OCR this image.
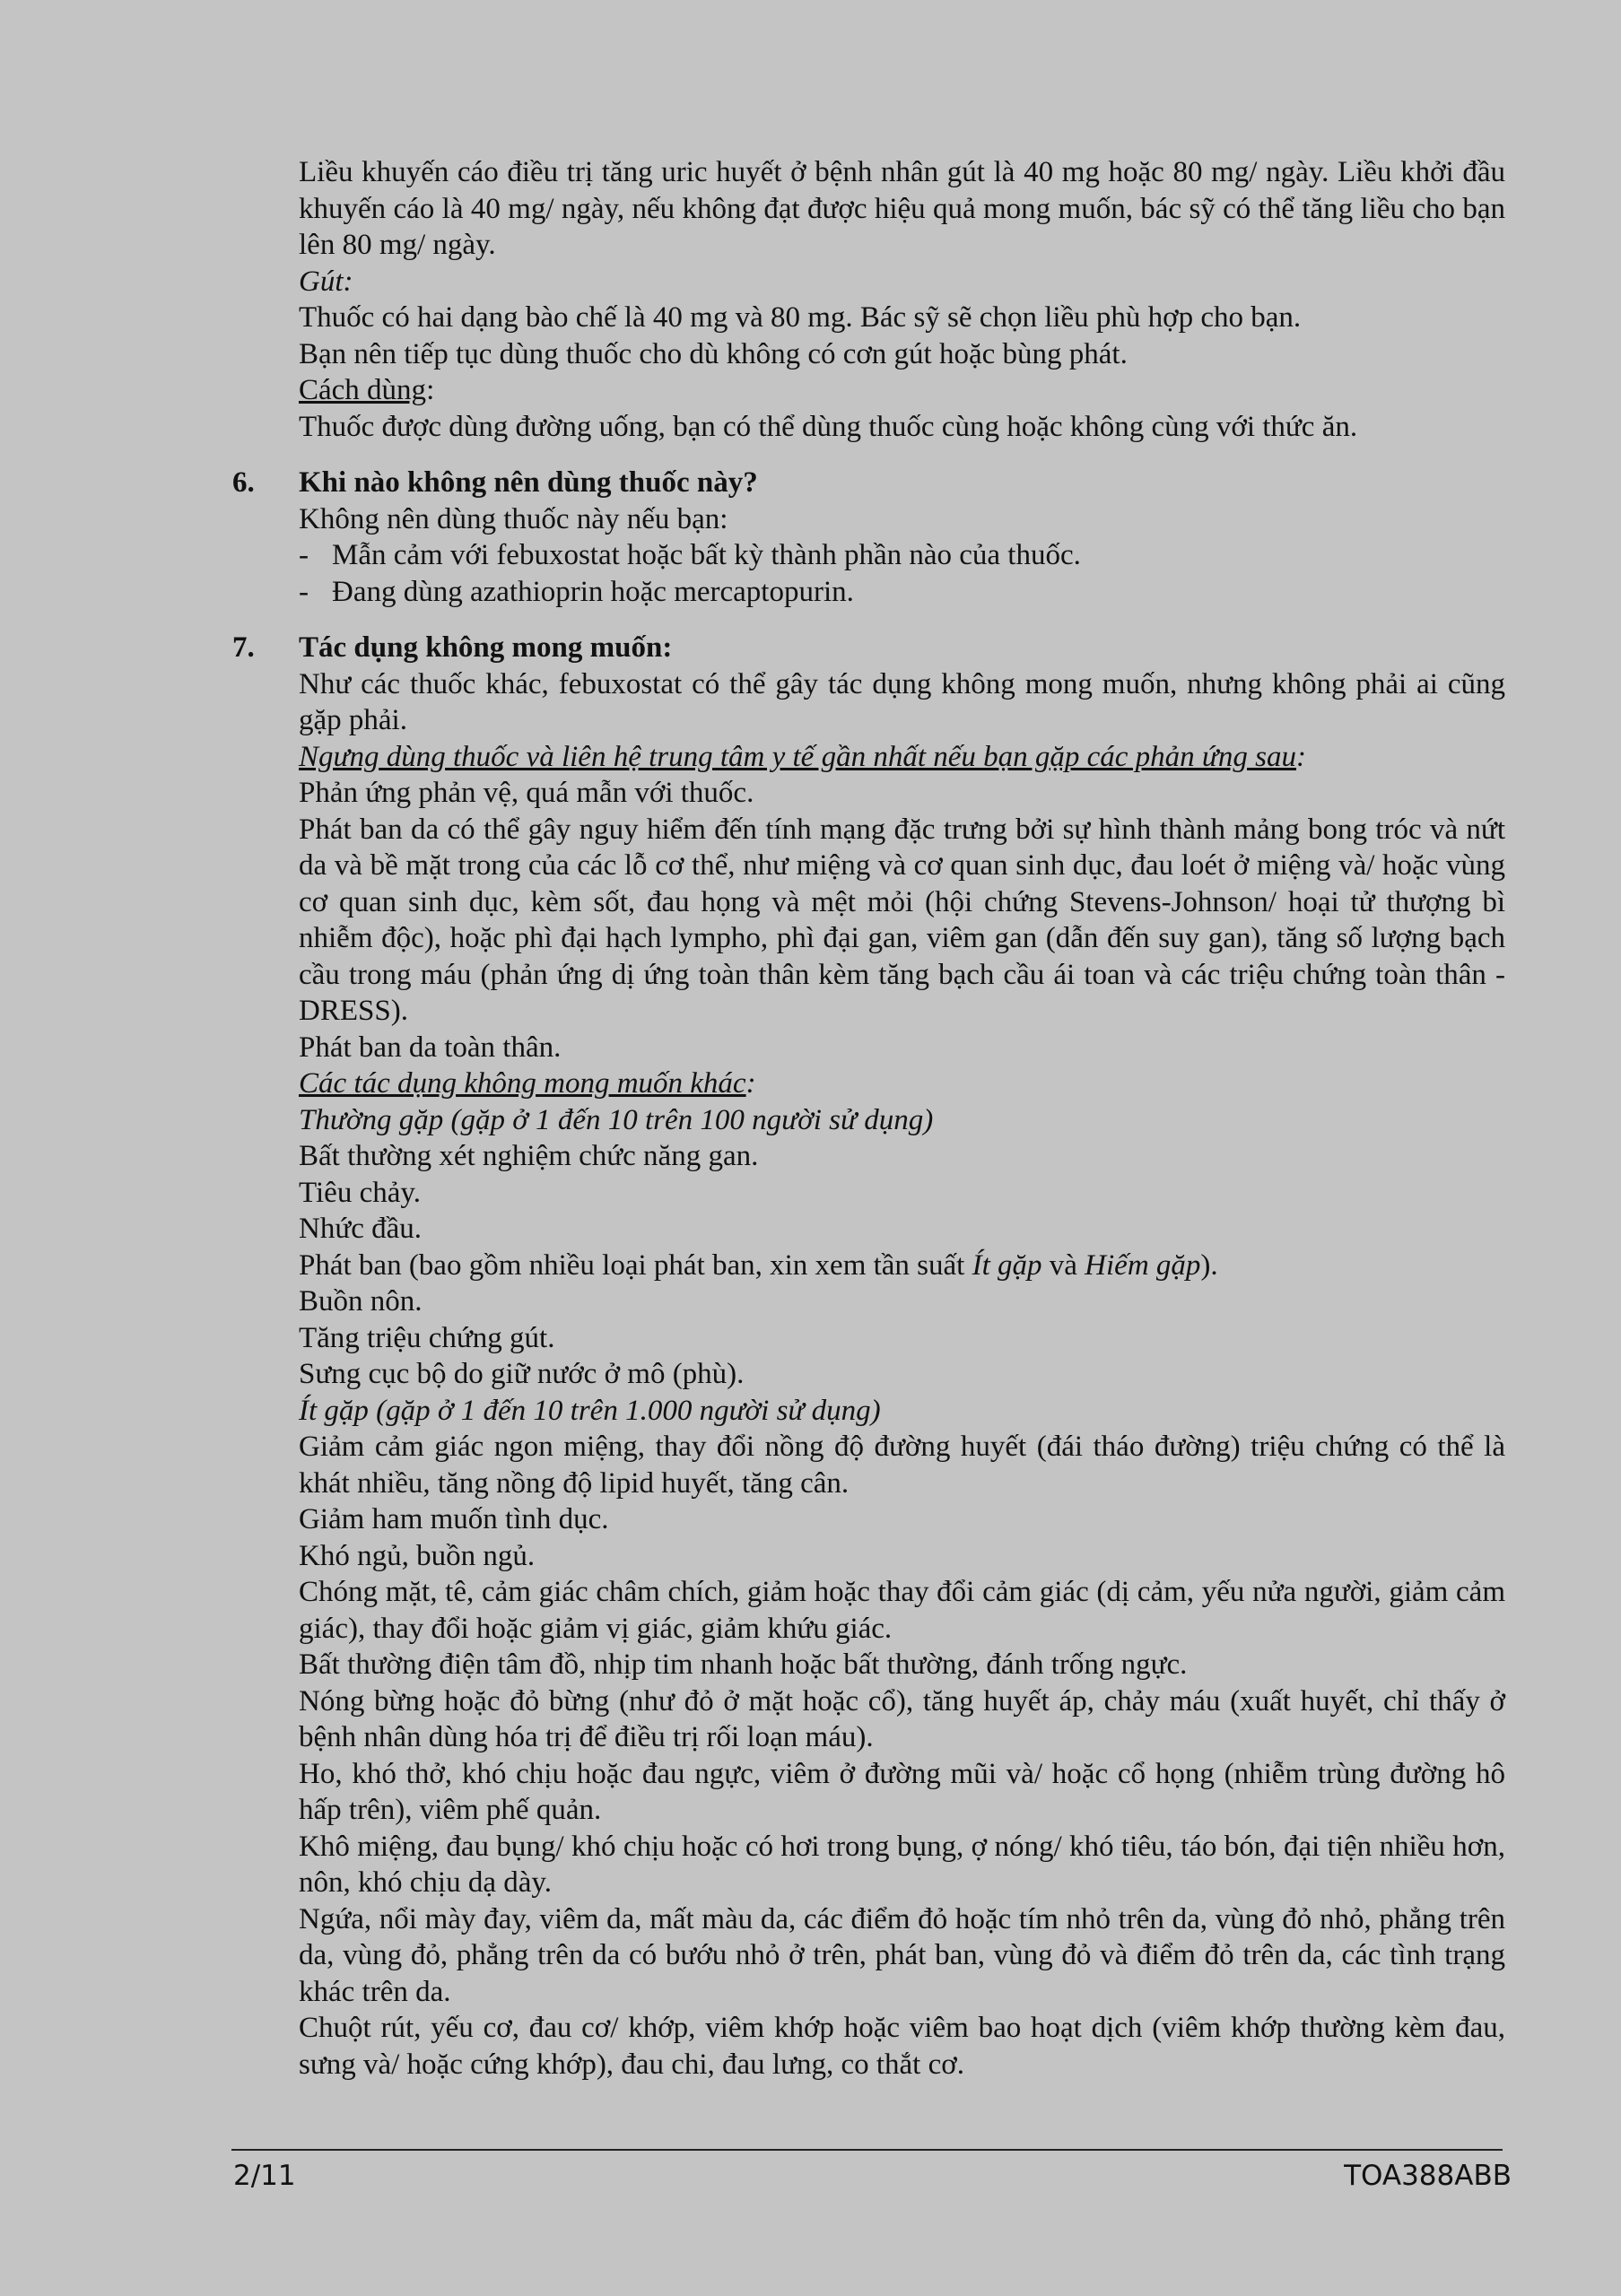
Liều khuyến cáo điều trị tăng uric huyết ở bệnh nhân gút là 40 mg hoặc 80 mg/ ngày. Liều khởi đầu khuyến cáo là 40 mg/ ngày, nếu không đạt được hiệu quả mong muốn, bác sỹ có thể tăng liều cho bạn lên 80 mg/ ngày.

Gút:

Thuốc có hai dạng bào chế là 40 mg và 80 mg. Bác sỹ sẽ chọn liều phù hợp cho bạn.

Bạn nên tiếp tục dùng thuốc cho dù không có cơn gút hoặc bùng phát.

Cách dùng:

Thuốc được dùng đường uống, bạn có thể dùng thuốc cùng hoặc không cùng với thức ăn.

6. Khi nào không nên dùng thuốc này?

Không nên dùng thuốc này nếu bạn:

- Mẫn cảm với febuxostat hoặc bất kỳ thành phần nào của thuốc.

- Đang dùng azathioprin hoặc mercaptopurin.

7. Tác dụng không mong muốn:

Như các thuốc khác, febuxostat có thể gây tác dụng không mong muốn, nhưng không phải ai cũng gặp phải.

Ngưng dùng thuốc và liên hệ trung tâm y tế gần nhất nếu bạn gặp các phản ứng sau:

Phản ứng phản vệ, quá mẫn với thuốc.

Phát ban da có thể gây nguy hiểm đến tính mạng đặc trưng bởi sự hình thành mảng bong tróc và nứt da và bề mặt trong của các lỗ cơ thể, như miệng và cơ quan sinh dục, đau loét ở miệng và/ hoặc vùng cơ quan sinh dục, kèm sốt, đau họng và mệt mỏi (hội chứng Stevens-Johnson/ hoại tử thượng bì nhiễm độc), hoặc phì đại hạch lympho, phì đại gan, viêm gan (dẫn đến suy gan), tăng số lượng bạch cầu trong máu (phản ứng dị ứng toàn thân kèm tăng bạch cầu ái toan và các triệu chứng toàn thân - DRESS).

Phát ban da toàn thân.

Các tác dụng không mong muốn khác:

Thường gặp (gặp ở 1 đến 10 trên 100 người sử dụng)

Bất thường xét nghiệm chức năng gan.

Tiêu chảy.

Nhức đầu.

Phát ban (bao gồm nhiều loại phát ban, xin xem tần suất Ít gặp và Hiếm gặp).

Buồn nôn.

Tăng triệu chứng gút.

Sưng cục bộ do giữ nước ở mô (phù).

Ít gặp (gặp ở 1 đến 10 trên 1.000 người sử dụng)

Giảm cảm giác ngon miệng, thay đổi nồng độ đường huyết (đái tháo đường) triệu chứng có thể là khát nhiều, tăng nồng độ lipid huyết, tăng cân.

Giảm ham muốn tình dục.

Khó ngủ, buồn ngủ.

Chóng mặt, tê, cảm giác châm chích, giảm hoặc thay đổi cảm giác (dị cảm, yếu nửa người, giảm cảm giác), thay đổi hoặc giảm vị giác, giảm khứu giác.

Bất thường điện tâm đồ, nhịp tim nhanh hoặc bất thường, đánh trống ngực.

Nóng bừng hoặc đỏ bừng (như đỏ ở mặt hoặc cổ), tăng huyết áp, chảy máu (xuất huyết, chỉ thấy ở bệnh nhân dùng hóa trị để điều trị rối loạn máu).

Ho, khó thở, khó chịu hoặc đau ngực, viêm ở đường mũi và/ hoặc cổ họng (nhiễm trùng đường hô hấp trên), viêm phế quản.

Khô miệng, đau bụng/ khó chịu hoặc có hơi trong bụng, ợ nóng/ khó tiêu, táo bón, đại tiện nhiều hơn, nôn, khó chịu dạ dày.

Ngứa, nổi mày đay, viêm da, mất màu da, các điểm đỏ hoặc tím nhỏ trên da, vùng đỏ nhỏ, phẳng trên da, vùng đỏ, phẳng trên da có bướu nhỏ ở trên, phát ban, vùng đỏ và điểm đỏ trên da, các tình trạng khác trên da.

Chuột rút, yếu cơ, đau cơ/ khớp, viêm khớp hoặc viêm bao hoạt dịch (viêm khớp thường kèm đau, sưng và/ hoặc cứng khớp), đau chi, đau lưng, co thắt cơ.

2/11	TOA388ABB
